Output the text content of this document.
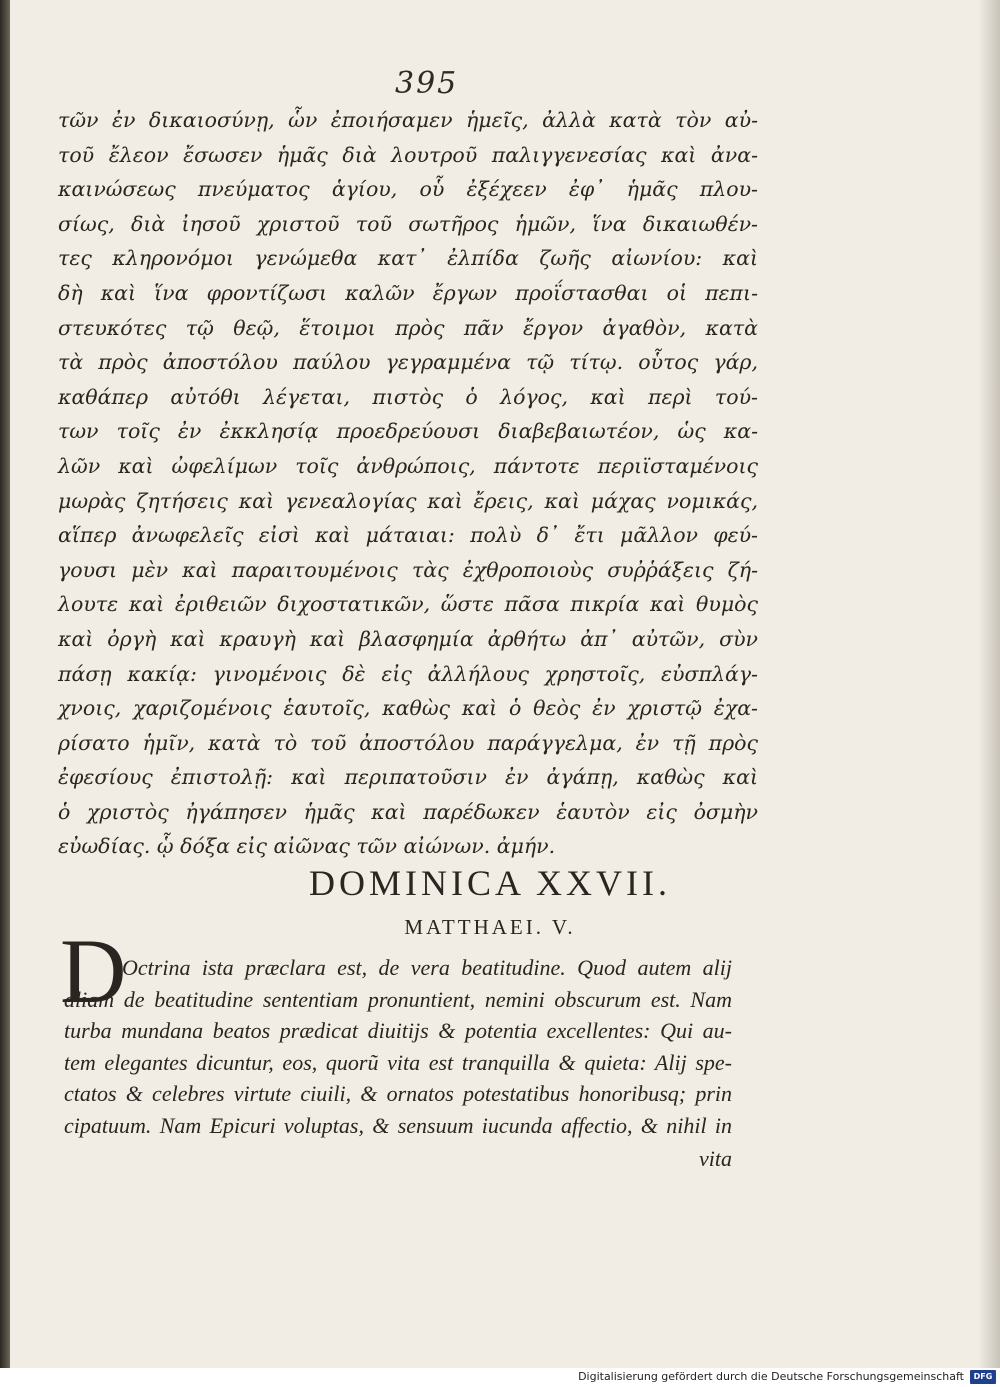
395
τῶν ἐν δικαιοσύνῃ, ὧν ἐποιήσαμεν ἡμεῖς, ἀλλὰ κατὰ τὸν αὐ-
τοῦ ἔλεον ἔσωσεν ἡμᾶς διὰ λουτροῦ παλιγγενεσίας καὶ ἀνα-
καινώσεως πνεύματος ἁγίου, οὗ ἐξέχεεν ἐφ᾽ ἡμᾶς πλου-
σίως, διὰ ἰησοῦ χριστοῦ τοῦ σωτῆρος ἡμῶν, ἵνα δικαιωθέν-
τες κληρονόμοι γενώμεθα κατ᾽ ἐλπίδα ζωῆς αἰωνίου: καὶ
δὴ καὶ ἵνα φροντίζωσι καλῶν ἔργων προΐστασθαι οἱ πεπι-
στευκότες τῷ θεῷ, ἕτοιμοι πρὸς πᾶν ἔργον ἀγαθὸν, κατὰ
τὰ πρὸς ἀποστόλου παύλου γεγραμμένα τῷ τίτῳ. οὗτος γάρ,
καθάπερ αὐτόθι λέγεται, πιστὸς ὁ λόγος, καὶ περὶ τού-
των τοῖς ἐν ἐκκλησίᾳ προεδρεύουσι διαβεβαιωτέον, ὡς κα-
λῶν καὶ ὠφελίμων τοῖς ἀνθρώποις, πάντοτε περιϊσταμένοις
μωρὰς ζητήσεις καὶ γενεαλογίας καὶ ἔρεις, καὶ μάχας νομικάς,
αἵπερ ἀνωφελεῖς εἰσὶ καὶ μάταιαι: πολὺ δ᾽ ἔτι μᾶλλον φεύ-
γουσι μὲν καὶ παραιτουμένοις τὰς ἐχθροποιοὺς συῤῥάξεις ζή-
λουτε καὶ ἐριθειῶν διχοστατικῶν, ὥστε πᾶσα πικρία καὶ θυμὸς
καὶ ὀργὴ καὶ κραυγὴ καὶ βλασφημία ἀρθήτω ἀπ᾽ αὐτῶν, σὺν
πάσῃ κακίᾳ: γινομένοις δὲ εἰς ἀλλήλους χρηστοῖς, εὐσπλάγ-
χνοις, χαριζομένοις ἑαυτοῖς, καθὼς καὶ ὁ θεὸς ἐν χριστῷ ἐχα-
ρίσατο ἡμῖν, κατὰ τὸ τοῦ ἀποστόλου παράγγελμα, ἐν τῇ πρὸς
ἐφεσίους ἐπιστολῇ: καὶ περιπατοῦσιν ἐν ἀγάπῃ, καθὼς καὶ
ὁ χριστὸς ἠγάπησεν ἡμᾶς καὶ παρέδωκεν ἑαυτὸν εἰς ὀσμὴν
εὐωδίας. ᾧ δόξα εἰς αἰῶνας τῶν αἰώνων. ἀμήν.
DOMINICA XXVII.
MATTHAEI. V.
D
Octrina ista præclara est, de vera beatitudine. Quod autem alij
aliam de beatitudine sententiam pronuntient, nemini obscurum est. Nam
turba mundana beatos prædicat diuitijs & potentia excellentes: Qui au-
tem elegantes dicuntur, eos, quorũ vita est tranquilla & quieta: Alij spe-
ctatos & celebres virtute ciuili, & ornatos potestatibus honoribusq; prin
cipatuum. Nam Epicuri voluptas, & sensuum iucunda affectio, & nihil in
vita
Digitalisierung gefördert durch die Deutsche Forschungsgemeinschaft	DFG
